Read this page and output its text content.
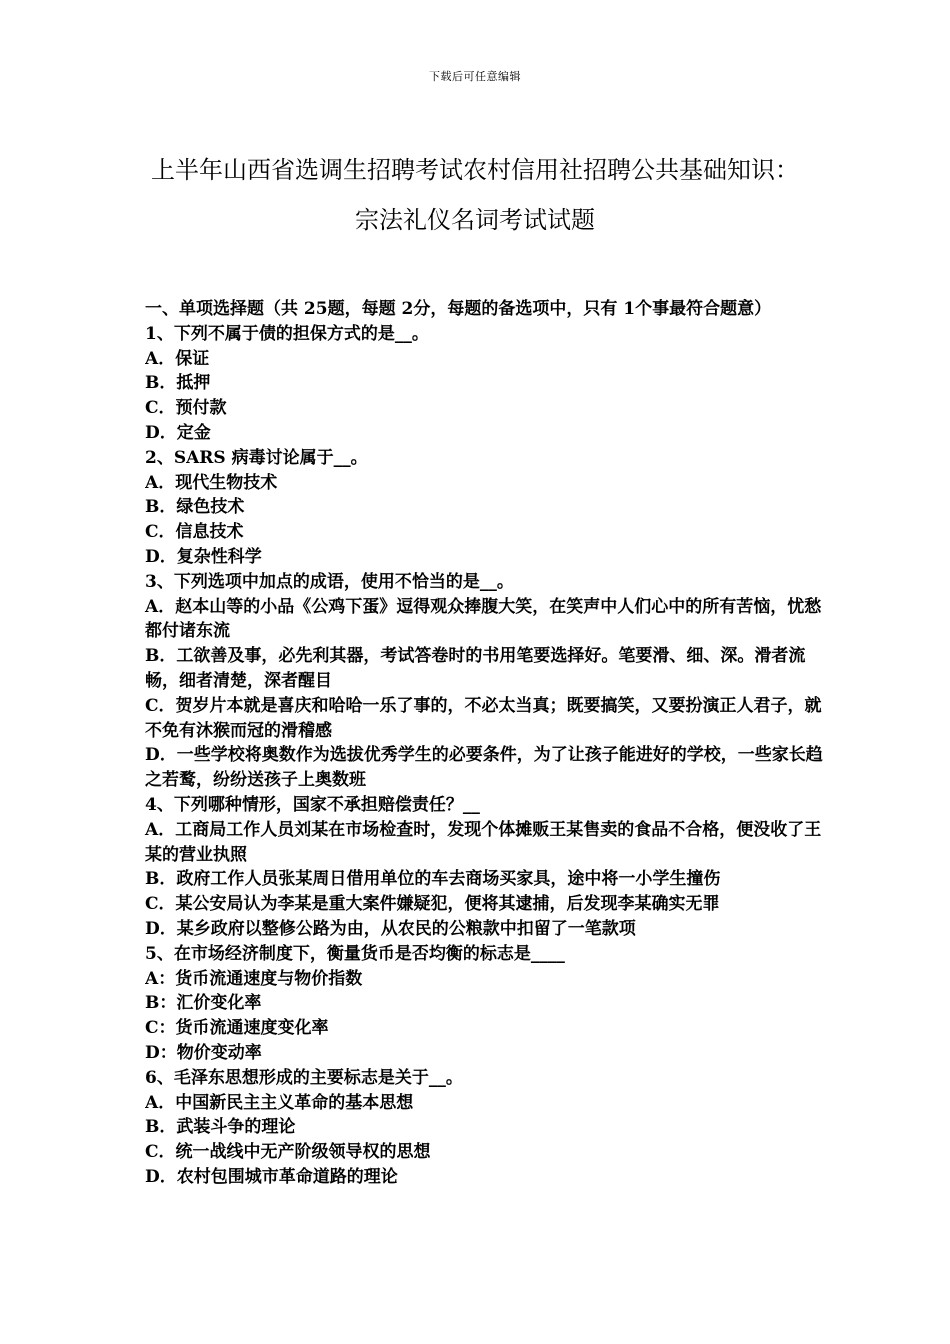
下载后可任意编辑
上半年山西省选调生招聘考试农村信用社招聘公共基础知识：宗法礼仪名词考试试题
一、单项选择题（共 25题，每题 2分，每题的备选项中，只有 1个事最符合题意）
1、下列不属于债的担保方式的是__。
A．保证
B．抵押
C．预付款
D．定金
2、SARS 病毒讨论属于__。
A．现代生物技术
B．绿色技术
C．信息技术
D．复杂性科学
3、下列选项中加点的成语，使用不恰当的是__。
A．赵本山等的小品《公鸡下蛋》逗得观众捧腹大笑，在笑声中人们心中的所有苦恼，忧愁都付诸东流
B．工欲善及事，必先利其器，考试答卷时的书用笔要选择好。笔要滑、细、深。滑者流畅，细者清楚，深者醒目
C．贺岁片本就是喜庆和哈哈一乐了事的，不必太当真；既要搞笑，又要扮演正人君子，就不免有沐猴而冠的滑稽感
D．一些学校将奥数作为选拔优秀学生的必要条件，为了让孩子能进好的学校，一些家长趋之若鹜，纷纷送孩子上奥数班
4、下列哪种情形，国家不承担赔偿责任？__
A．工商局工作人员刘某在市场检查时，发现个体摊贩王某售卖的食品不合格，便没收了王某的营业执照
B．政府工作人员张某周日借用单位的车去商场买家具，途中将一小学生撞伤
C．某公安局认为李某是重大案件嫌疑犯，便将其逮捕，后发现李某确实无罪
D．某乡政府以整修公路为由，从农民的公粮款中扣留了一笔款项
5、在市场经济制度下，衡量货币是否均衡的标志是____
A：货币流通速度与物价指数
B：汇价变化率
C：货币流通速度变化率
D：物价变动率
6、毛泽东思想形成的主要标志是关于__。
A．中国新民主主义革命的基本思想
B．武装斗争的理论
C．统一战线中无产阶级领导权的思想
D．农村包围城市革命道路的理论
